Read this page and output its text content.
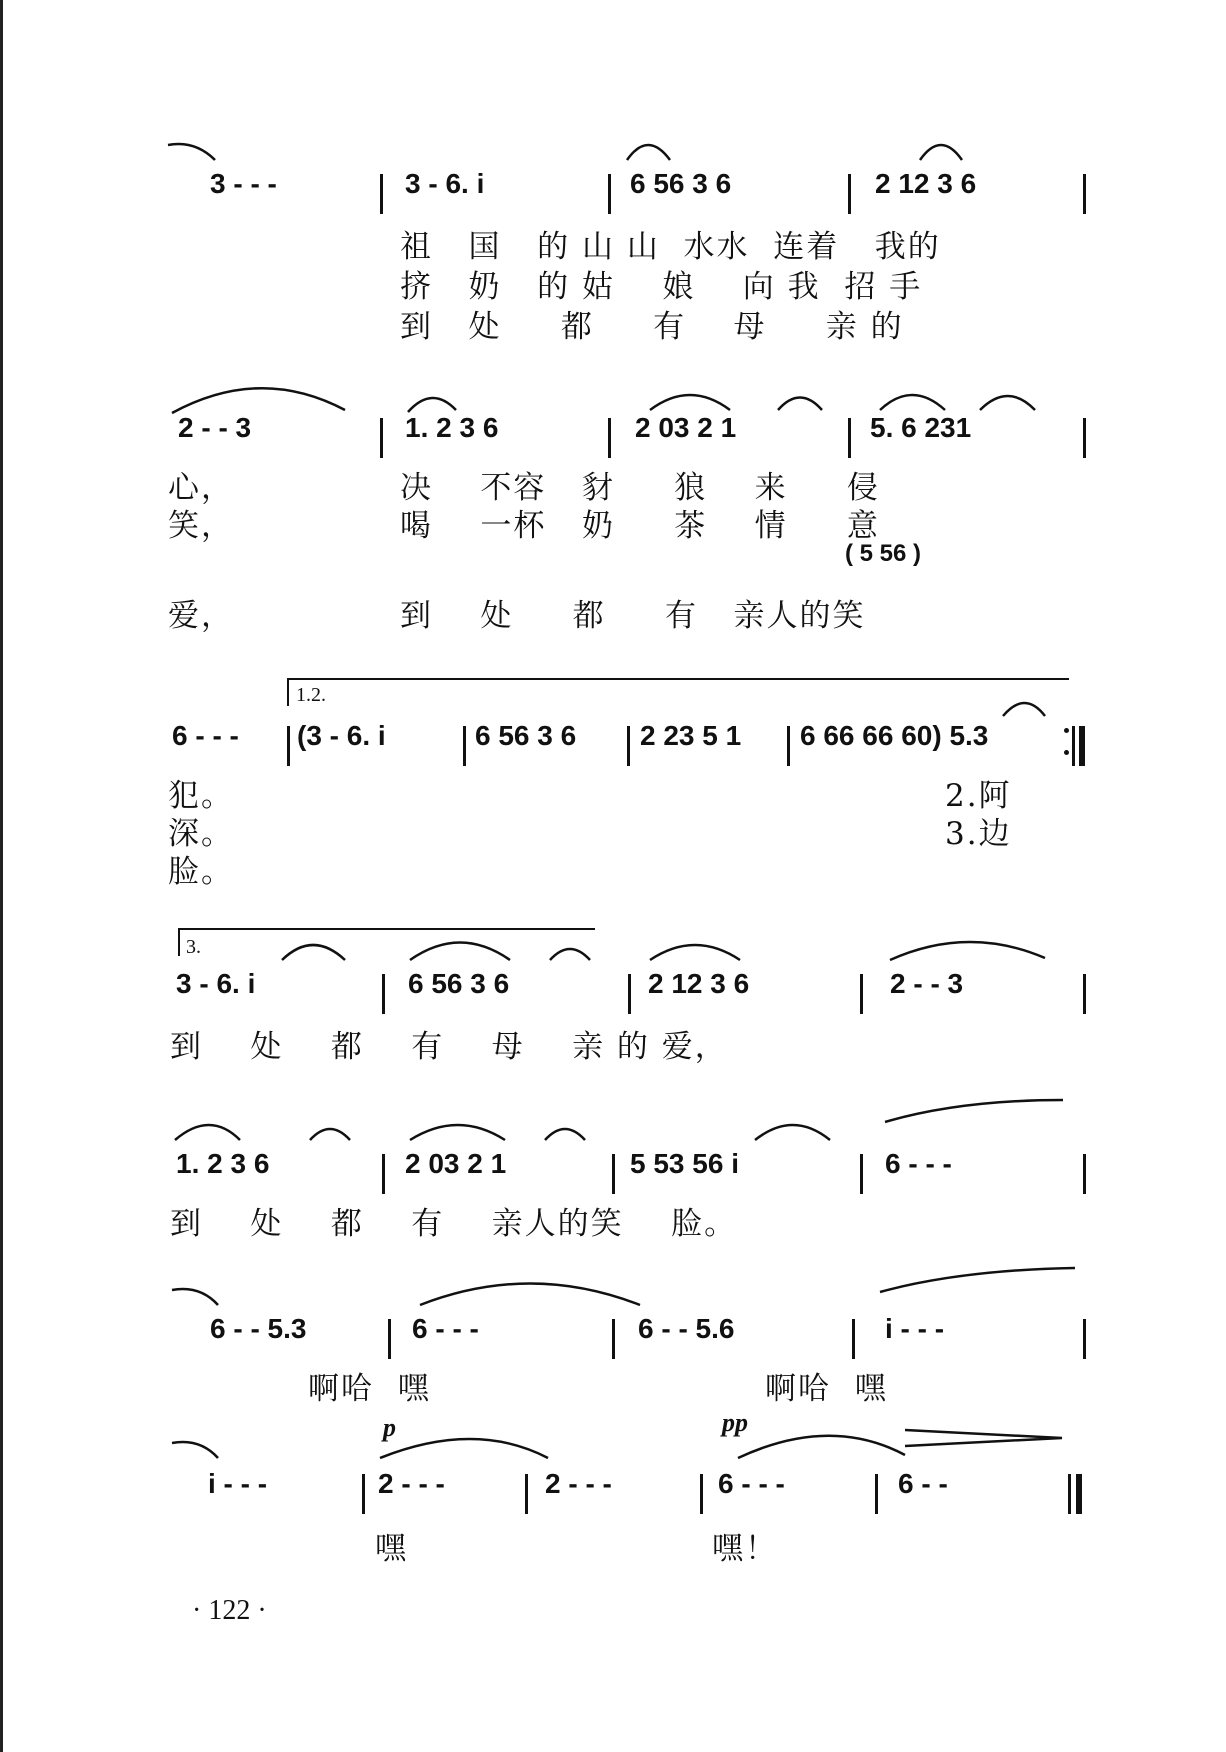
3 - - -	3 - 6. i	6 56 3 6	2 12 3 6
祖   国   的 山 山  水水  连着   我的
挤   奶   的 姑    娘    向 我  招 手
到   处     都     有    母     亲 的
2 - - 3	1. 2 3 6	2 03 2 1	5. 6 231
心，	决    不容   豺     狼    来     侵
笑，	喝    一杯   奶     茶    情     意
( 5 56 )
爱，	到    处     都     有   亲人的笑
1.2.
6 - - - (3 - 6. i	6 56 3 6 2 23 5 1 6 66 66 60) 5.3
犯。	2.阿
深。	3.边
脸。
3.
3 - 6. i	6 56 3 6	2 12 3 6	2 - - 3
到    处    都    有    母    亲 的 爱，
1. 2 3 6	2 03 2 1	5 53 56 i	6 - - -
到    处    都    有    亲人的笑    脸。
6 - - 5.3	6 - - -	6 - - 5.6	i - - -
啊哈  嘿	啊哈  嘿
p	pp
i - - -	2 - - -	2 - - -	6 - - -	6 - -
嘿	嘿！
· 122 ·
